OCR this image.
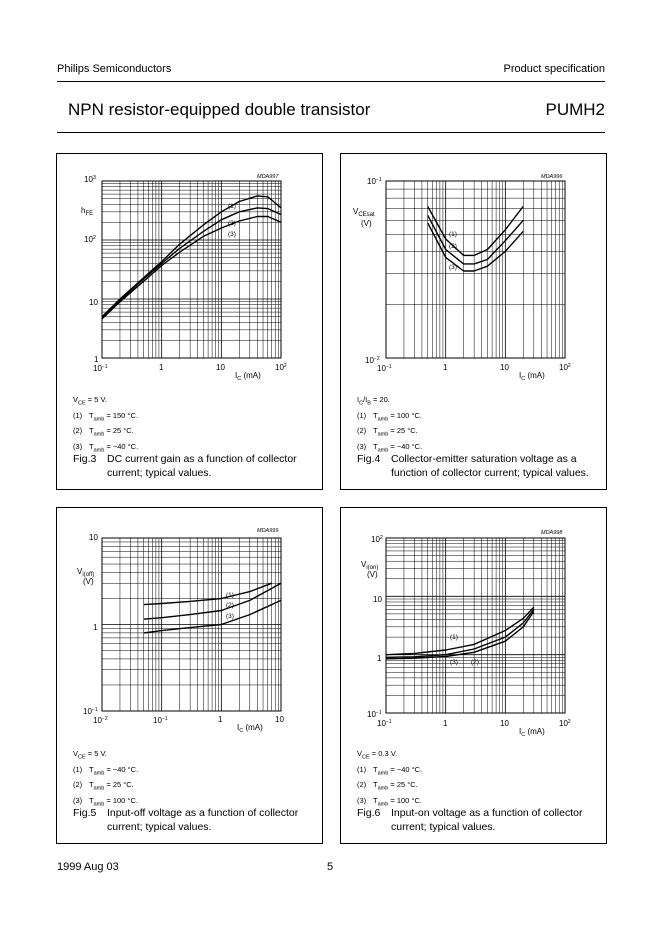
Philips Semiconductors	Product specification
NPN resistor-equipped double transistor	PUMH2
MDA997
$10^3$
$10^2$
10
1
$h_{FE}$
$10^{-1}$	1	10	$10^2$
$I_C$ (mA)
(1)
(2)
(3)
$V_{CE} = 5$ V.
(1) $T_{amb} = 150$ °C.
(2) $T_{amb} = 25$ °C.
(3) $T_{amb} = -40$ °C.
Fig.3 DC current gain as a function of collector
current; typical values.
MDA996
$10^{-1}$
$10^{-2}$
$V_{CEsat}$
(V)
$10^{-1}$	1	10	$10^2$
$I_C$ (mA)
(1)
(2)
(3)
$I_C/I_B = 20$.
(1) $T_{amb} = 100$ °C.
(2) $T_{amb} = 25$ °C.
(3) $T_{amb} = -40$ °C.
Fig.4 Collector-emitter saturation voltage as a
function of collector current; typical values.
MDA999
10
1
$10^{-1}$
$V_{i(off)}$
(V)
$10^{-2}$	$10^{-1}$	1	10
$I_C$ (mA)
(1)
(2)
(3)
$V_{CE} = 5$ V.
(1) $T_{amb} = -40$ °C.
(2) $T_{amb} = 25$ °C.
(3) $T_{amb} = 100$ °C.
Fig.5 Input-off voltage as a function of collector
current; typical values.
MDA998
$10^2$
10
1
$10^{-1}$
$V_{i(on)}$
(V)
$10^{-1}$	1	10	$10^2$
$I_C$ (mA)
(1)
(3) (2)
$V_{CE} = 0.3$ V.
(1) $T_{amb} = -40$ °C.
(2) $T_{amb} = 25$ °C.
(3) $T_{amb} = 100$ °C.
Fig.6 Input-on voltage as a function of collector
current; typical values.
1999 Aug 03	5
